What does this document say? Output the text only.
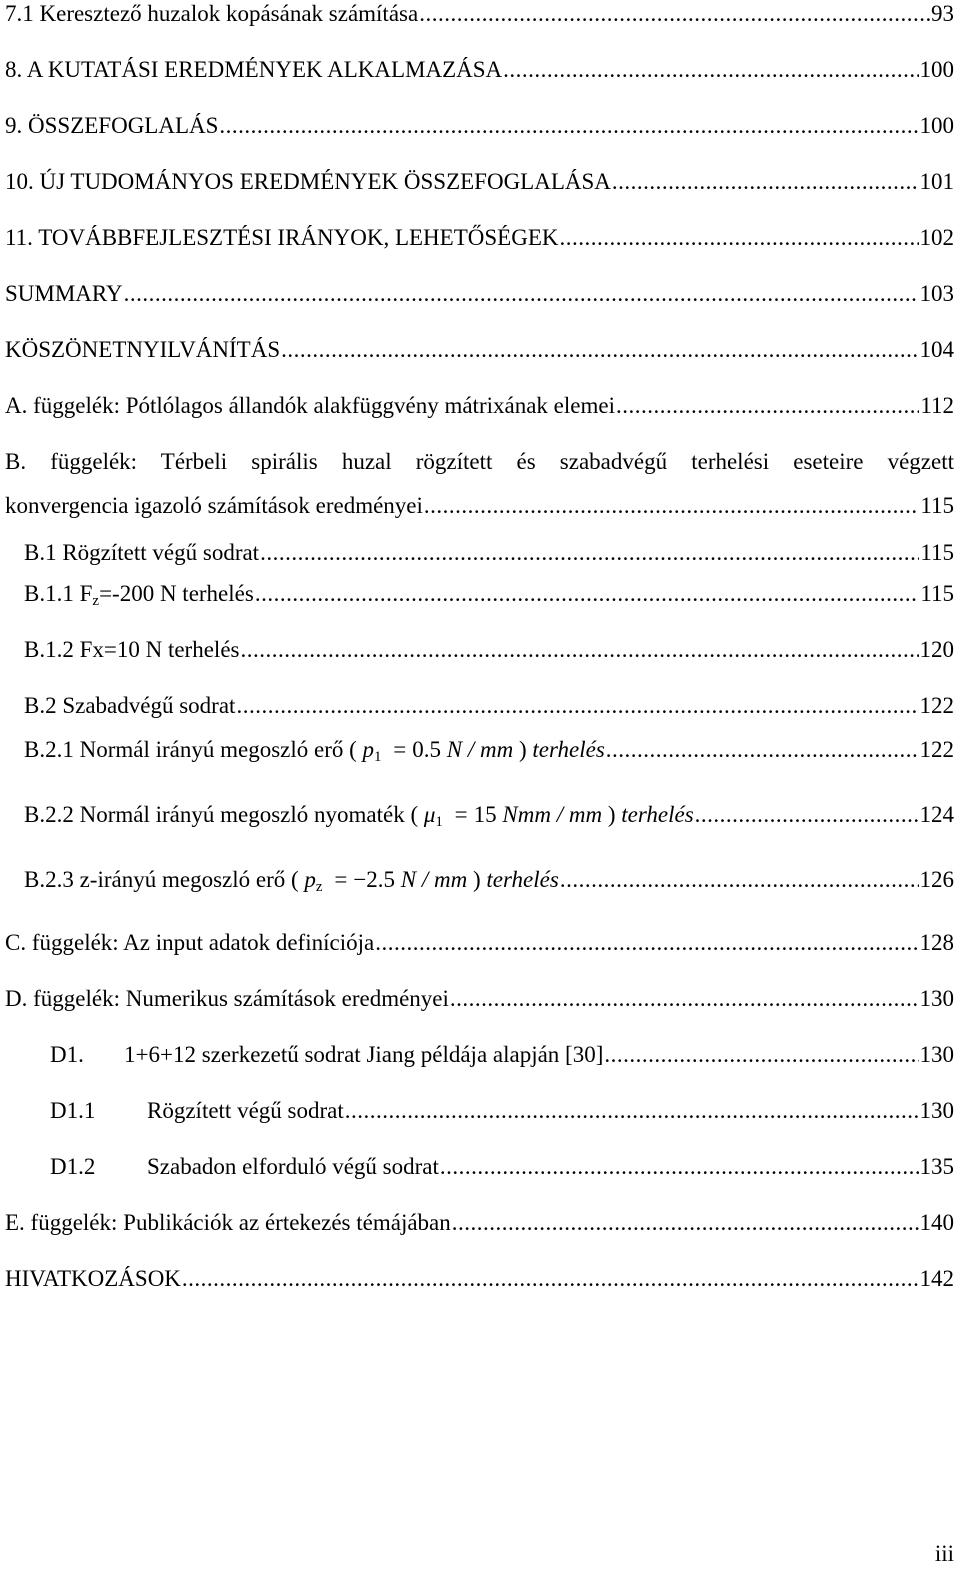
7.1 Keresztező huzalok kopásának számítása .....	93
8. A KUTATÁSI EREDMÉNYEK ALKALMAZÁSA .....	100
9. ÖSSZEFOGLALÁS .....	100
10. ÚJ TUDOMÁNYOS EREDMÉNYEK ÖSSZEFOGLALÁSA .....	101
11. TOVÁBBFEJLESZTÉSI IRÁNYOK, LEHETŐSÉGEK .....	102
SUMMARY .....	103
KÖSZÖNETNYILVÁNÍTÁS .....	104
A. függelék: Pótlólagos állandók alakfüggvény mátrixának elemei .....	112
B. függelék: Térbeli spirális huzal rögzített és szabadvégű terhelési eseteire végzett
konvergencia igazoló számítások eredményei .....	115
B.1 Rögzített végű sodrat .....	115
B.1.1 $F_z=-200$ N terhelés .....	115
B.1.2 Fx=10 N terhelés .....	120
B.2 Szabadvégű sodrat .....	122
B.2.1 Normál irányú megoszló erő ( $p_1 = 0.5$ N / mm ) terhelés .....	122
B.2.2 Normál irányú megoszló nyomaték ( $\mu_1 = 15$ Nmm / mm ) terhelés .....	124
B.2.3 z-irányú megoszló erő ( $p_z = -2.5$ N / mm ) terhelés .....	126
C. függelék: Az input adatok definíciója .....	128
D. függelék: Numerikus számítások eredményei .....	130
D1. 1+6+12 szerkezetű sodrat Jiang példája alapján [30] .....	130
D1.1 Rögzített végű sodrat .....	130
D1.2 Szabadon elforduló végű sodrat .....	135
E. függelék: Publikációk az értekezés témájában .....	140
HIVATKOZÁSOK .....	142
iii
